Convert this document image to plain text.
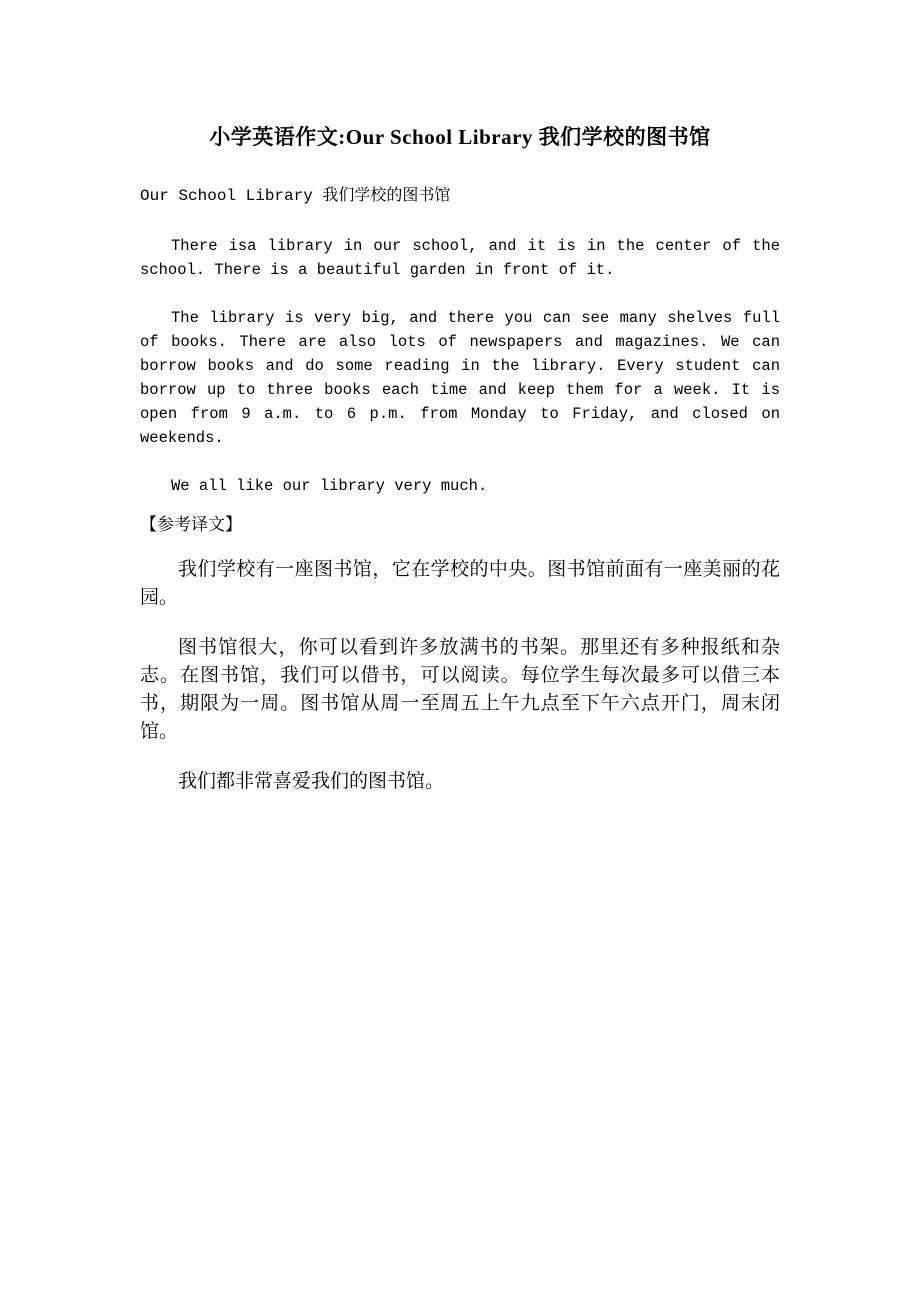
小学英语作文:Our School Library 我们学校的图书馆

Our School Library 我们学校的图书馆

There isa library in our school, and it is in the center of the school. There is a beautiful garden in front of it.

The library is very big, and there you can see many shelves full of books. There are also lots of newspapers and magazines. We can borrow books and do some reading in the library. Every student can borrow up to three books each time and keep them for a week. It is open from 9 a.m. to 6 p.m. from Monday to Friday, and closed on weekends.

We all like our library very much.

【参考译文】

我们学校有一座图书馆，它在学校的中央。图书馆前面有一座美丽的花园。

图书馆很大，你可以看到许多放满书的书架。那里还有多种报纸和杂志。在图书馆，我们可以借书，可以阅读。每位学生每次最多可以借三本书，期限为一周。图书馆从周一至周五上午九点至下午六点开门，周末闭馆。

我们都非常喜爱我们的图书馆。
